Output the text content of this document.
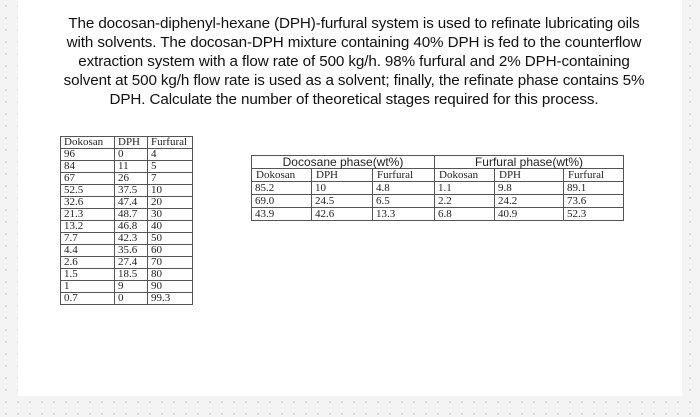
The docosan-diphenyl-hexane (DPH)-furfural system is used to refinate lubricating oils
with solvents. The docosan-DPH mixture containing 40% DPH is fed to the counterflow
extraction system with a flow rate of 500 kg/h. 98% furfural and 2% DPH-containing
solvent at 500 kg/h flow rate is used as a solvent; finally, the refinate phase contains 5%
DPH. Calculate the number of theoretical stages required for this process.

Dokosan	DPH	Furfural
96	0	4
84	11	5
67	26	7
52.5	37.5	10
32.6	47.4	20
21.3	48.7	30
13.2	46.8	40
7.7	42.3	50
4.4	35.6	60
2.6	27.4	70
1.5	18.5	80
1	9	90
0.7	0	99.3
Docosane phase(wt%)			Furfural phase(wt%)		
Dokosan	DPH	Furfural	Dokosan	DPH	Furfural
85.2	10	4.8	1.1	9.8	89.1
69.0	24.5	6.5	2.2	24.2	73.6
43.9	42.6	13.3	6.8	40.9	52.3
